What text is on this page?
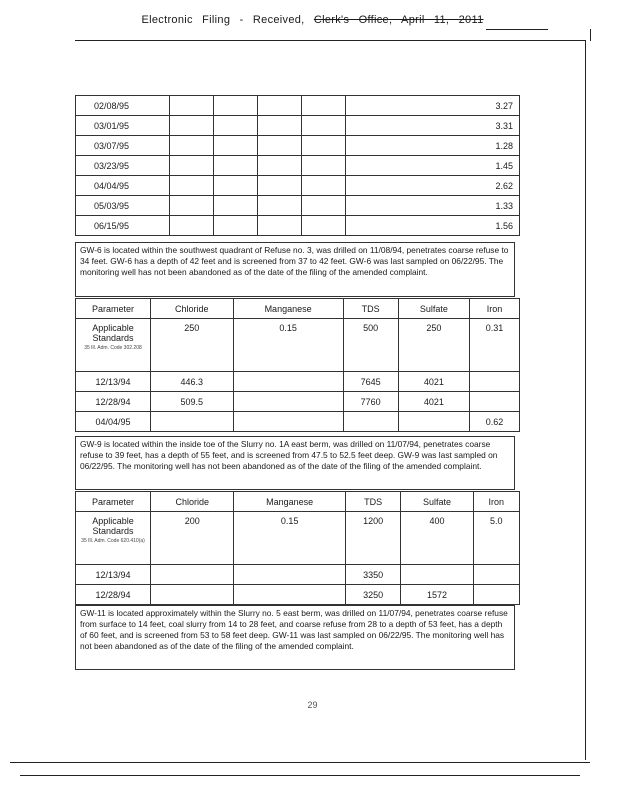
Electronic Filing - Received, Clerk's Office, April 11, 2011
02/08/95					3.27
03/01/95					3.31
03/07/95					1.28
03/23/95					1.45
04/04/95					2.62
05/03/95					1.33
06/15/95					1.56
GW-6 is located within the southwest quadrant of Refuse no. 3, was drilled on 11/08/94, penetrates coarse refuse to 34 feet. GW-6 has a depth of 42 feet and is screened from 37 to 42 feet. GW-6 was last sampled on 06/22/95. The monitoring well has not been abandoned as of the date of the filing of the amended complaint.
Parameter	Chloride	Manganese	TDS	Sulfate	Iron
Applicable Standards
35 Ill. Adm. Code 302.208	250	0.15	500	250	0.31
12/13/94	446.3		7645	4021	
12/28/94	509.5		7760	4021	
04/04/95					0.62
GW-9 is located within the inside toe of the Slurry no. 1A east berm, was drilled on 11/07/94, penetrates coarse refuse to 39 feet, has a depth of 55 feet, and is screened from 47.5 to 52.5 feet deep. GW-9 was last sampled on 06/22/95. The monitoring well has not been abandoned as of the date of the filing of the amended complaint.
Parameter	Chloride	Manganese	TDS	Sulfate	Iron
Applicable Standards
35 Ill. Adm. Code 620.410(a)	200	0.15	1200	400	5.0
12/13/94			3350		
12/28/94			3250	1572	
GW-11 is located approximately within the Slurry no. 5 east berm, was drilled on 11/07/94, penetrates coarse refuse from surface to 14 feet, coal slurry from 14 to 28 feet, and coarse refuse from 28 to a depth of 53 feet, has a depth of 60 feet, and is screened from 53 to 58 feet deep. GW-11 was last sampled on 06/22/95. The monitoring well has not been abandoned as of the date of the filing of the amended complaint.
29
